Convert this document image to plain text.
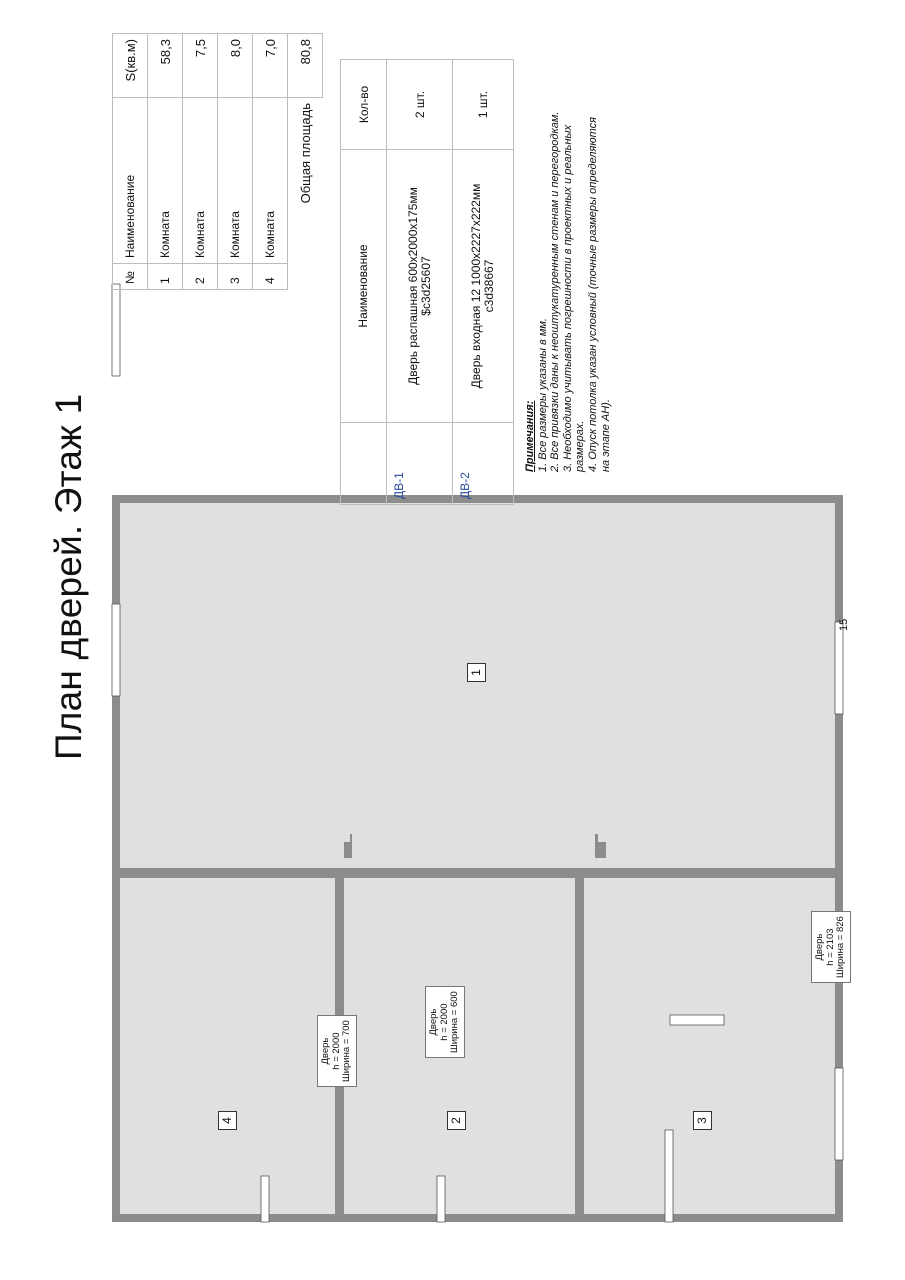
План дверей. Этаж 1	15
1
2	3
4
Дверь h = 2000 Ширина = 700	Дверь h = 2000 Ширина = 600
Дверь h = 2103 Ширина = 826
№	Наименование	S(кв.м)
1	Комната	58,3
2	Комната	7,5
3	Комната	8,0
4	Комната	7,0
Общая площадь		80,8
	Наименование	Кол-во
ДВ-1	Дверь распашная 600х2000х175мм $c3d25607	2 шт.
ДВ-2	Дверь входная 12 1000х2227х222мм c3d38667	1 шт.
Примечания: 1. Все размеры указаны в мм. 2. Все привязки даны к неоштукатуренным стенам и перегородкам. 3. Необходимо учитывать погрешности в проектных и реальных размерах. 4. Опуск потолка указан условный (точные размеры определяются на этапе АН).
